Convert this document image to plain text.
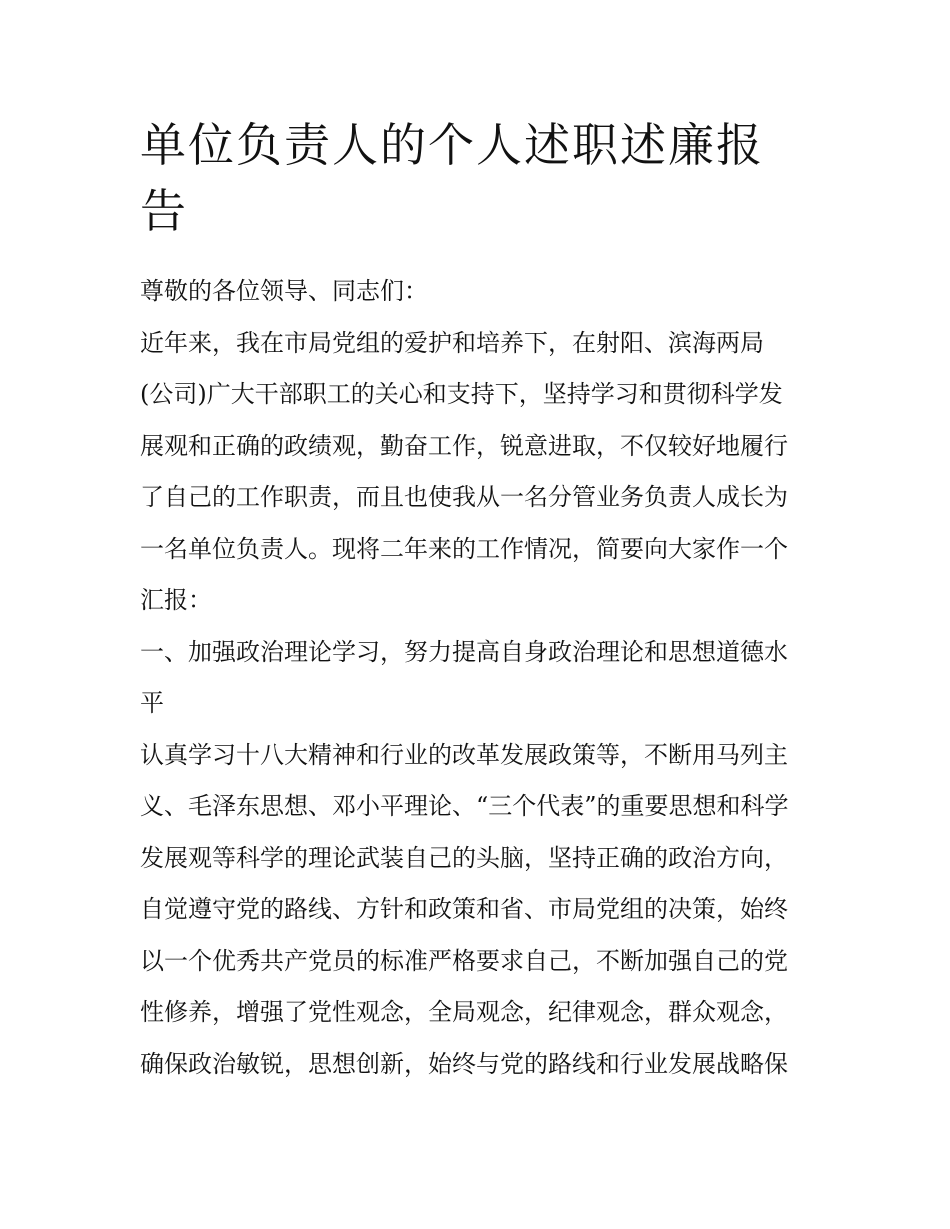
单位负责人的个人述职述廉报
告
尊敬的各位领导、同志们：
近年来，我在市局党组的爱护和培养下，在射阳、滨海两局
(公司)广大干部职工的关心和支持下，坚持学习和贯彻科学发
展观和正确的政绩观，勤奋工作，锐意进取，不仅较好地履行
了自己的工作职责，而且也使我从一名分管业务负责人成长为
一名单位负责人。现将二年来的工作情况，简要向大家作一个
汇报：
一、加强政治理论学习，努力提高自身政治理论和思想道德水
平
认真学习十八大精神和行业的改革发展政策等，不断用马列主
义、毛泽东思想、邓小平理论、“三个代表”的重要思想和科学
发展观等科学的理论武装自己的头脑，坚持正确的政治方向，
自觉遵守党的路线、方针和政策和省、市局党组的决策，始终
以一个优秀共产党员的标准严格要求自己，不断加强自己的党
性修养，增强了党性观念，全局观念，纪律观念，群众观念，
确保政治敏锐，思想创新，始终与党的路线和行业发展战略保
